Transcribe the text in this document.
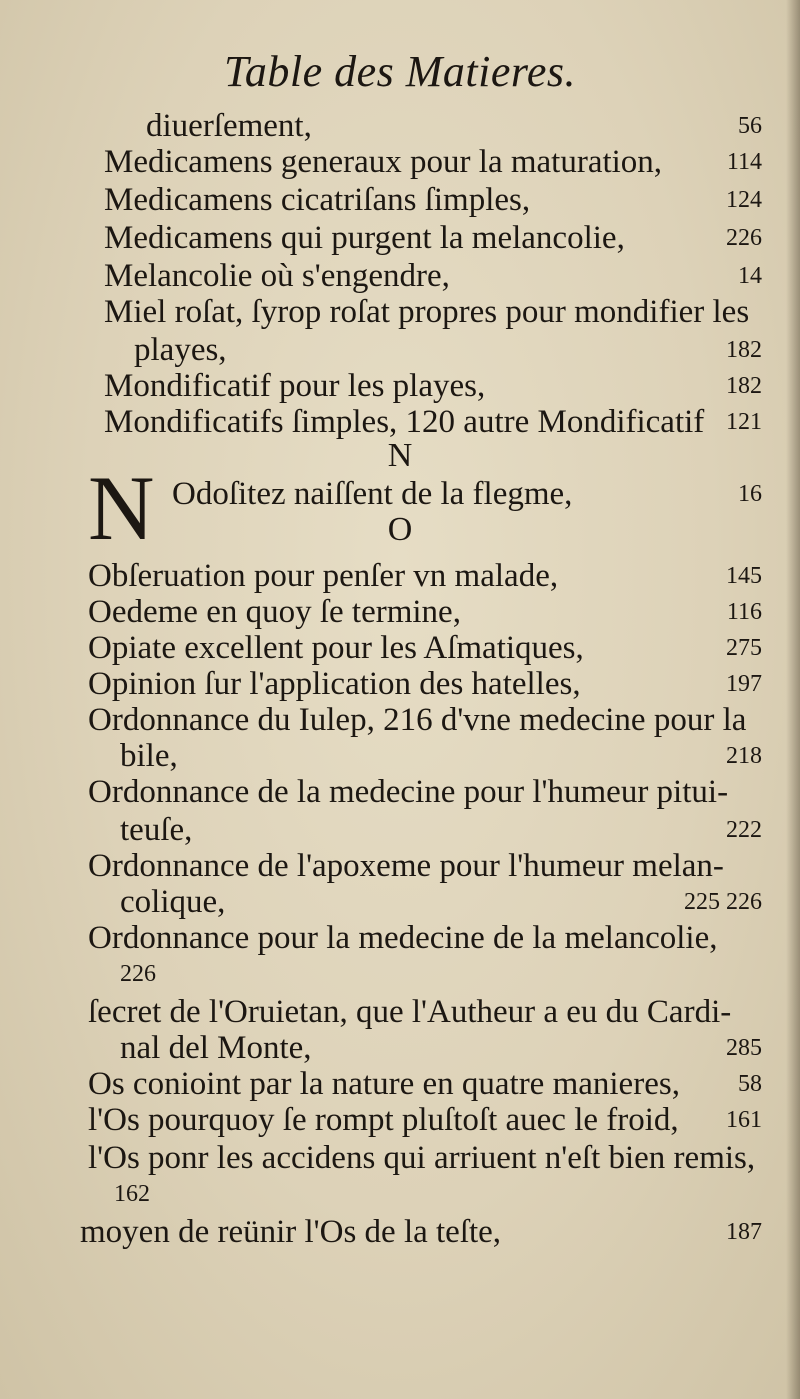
Table des Matieres.
diuerſement,	56
Medicamens generaux pour la maturation,	114
Medicamens cicatriſans ſimples,	124
Medicamens qui purgent la melancolie,	226
Melancolie où s'engendre,	14
Miel roſat, ſyrop roſat propres pour mondifier les
playes,	182
Mondificatif pour les playes,	182
Mondificatifs ſimples, 120 autre Mondificatif 121
N
N Odoſitez naiſſent de la flegme,	16
O
Obſeruation pour penſer vn malade,	145
Oedeme en quoy ſe termine,	116
Opiate excellent pour les Aſmatiques,	275
Opinion ſur l'application des hatelles,	197
Ordonnance du Iulep, 216 d'vne medecine pour la
bile,	218
Ordonnance de la medecine pour l'humeur pitui-
teuſe,	222
Ordonnance de l'apoxeme pour l'humeur melan-
colique,	225 226
Ordonnance pour la medecine de la melancolie,
226
ſecret de l'Oruietan, que l'Autheur a eu du Cardi-
nal del Monte,	285
Os conioint par la nature en quatre manieres, 58
l'Os pourquoy ſe rompt pluſtoſt auec le froid, 161
l'Os ponr les accidens qui arriuent n'eſt bien remis,
162
moyen de reünir l'Os de la teſte,	187
